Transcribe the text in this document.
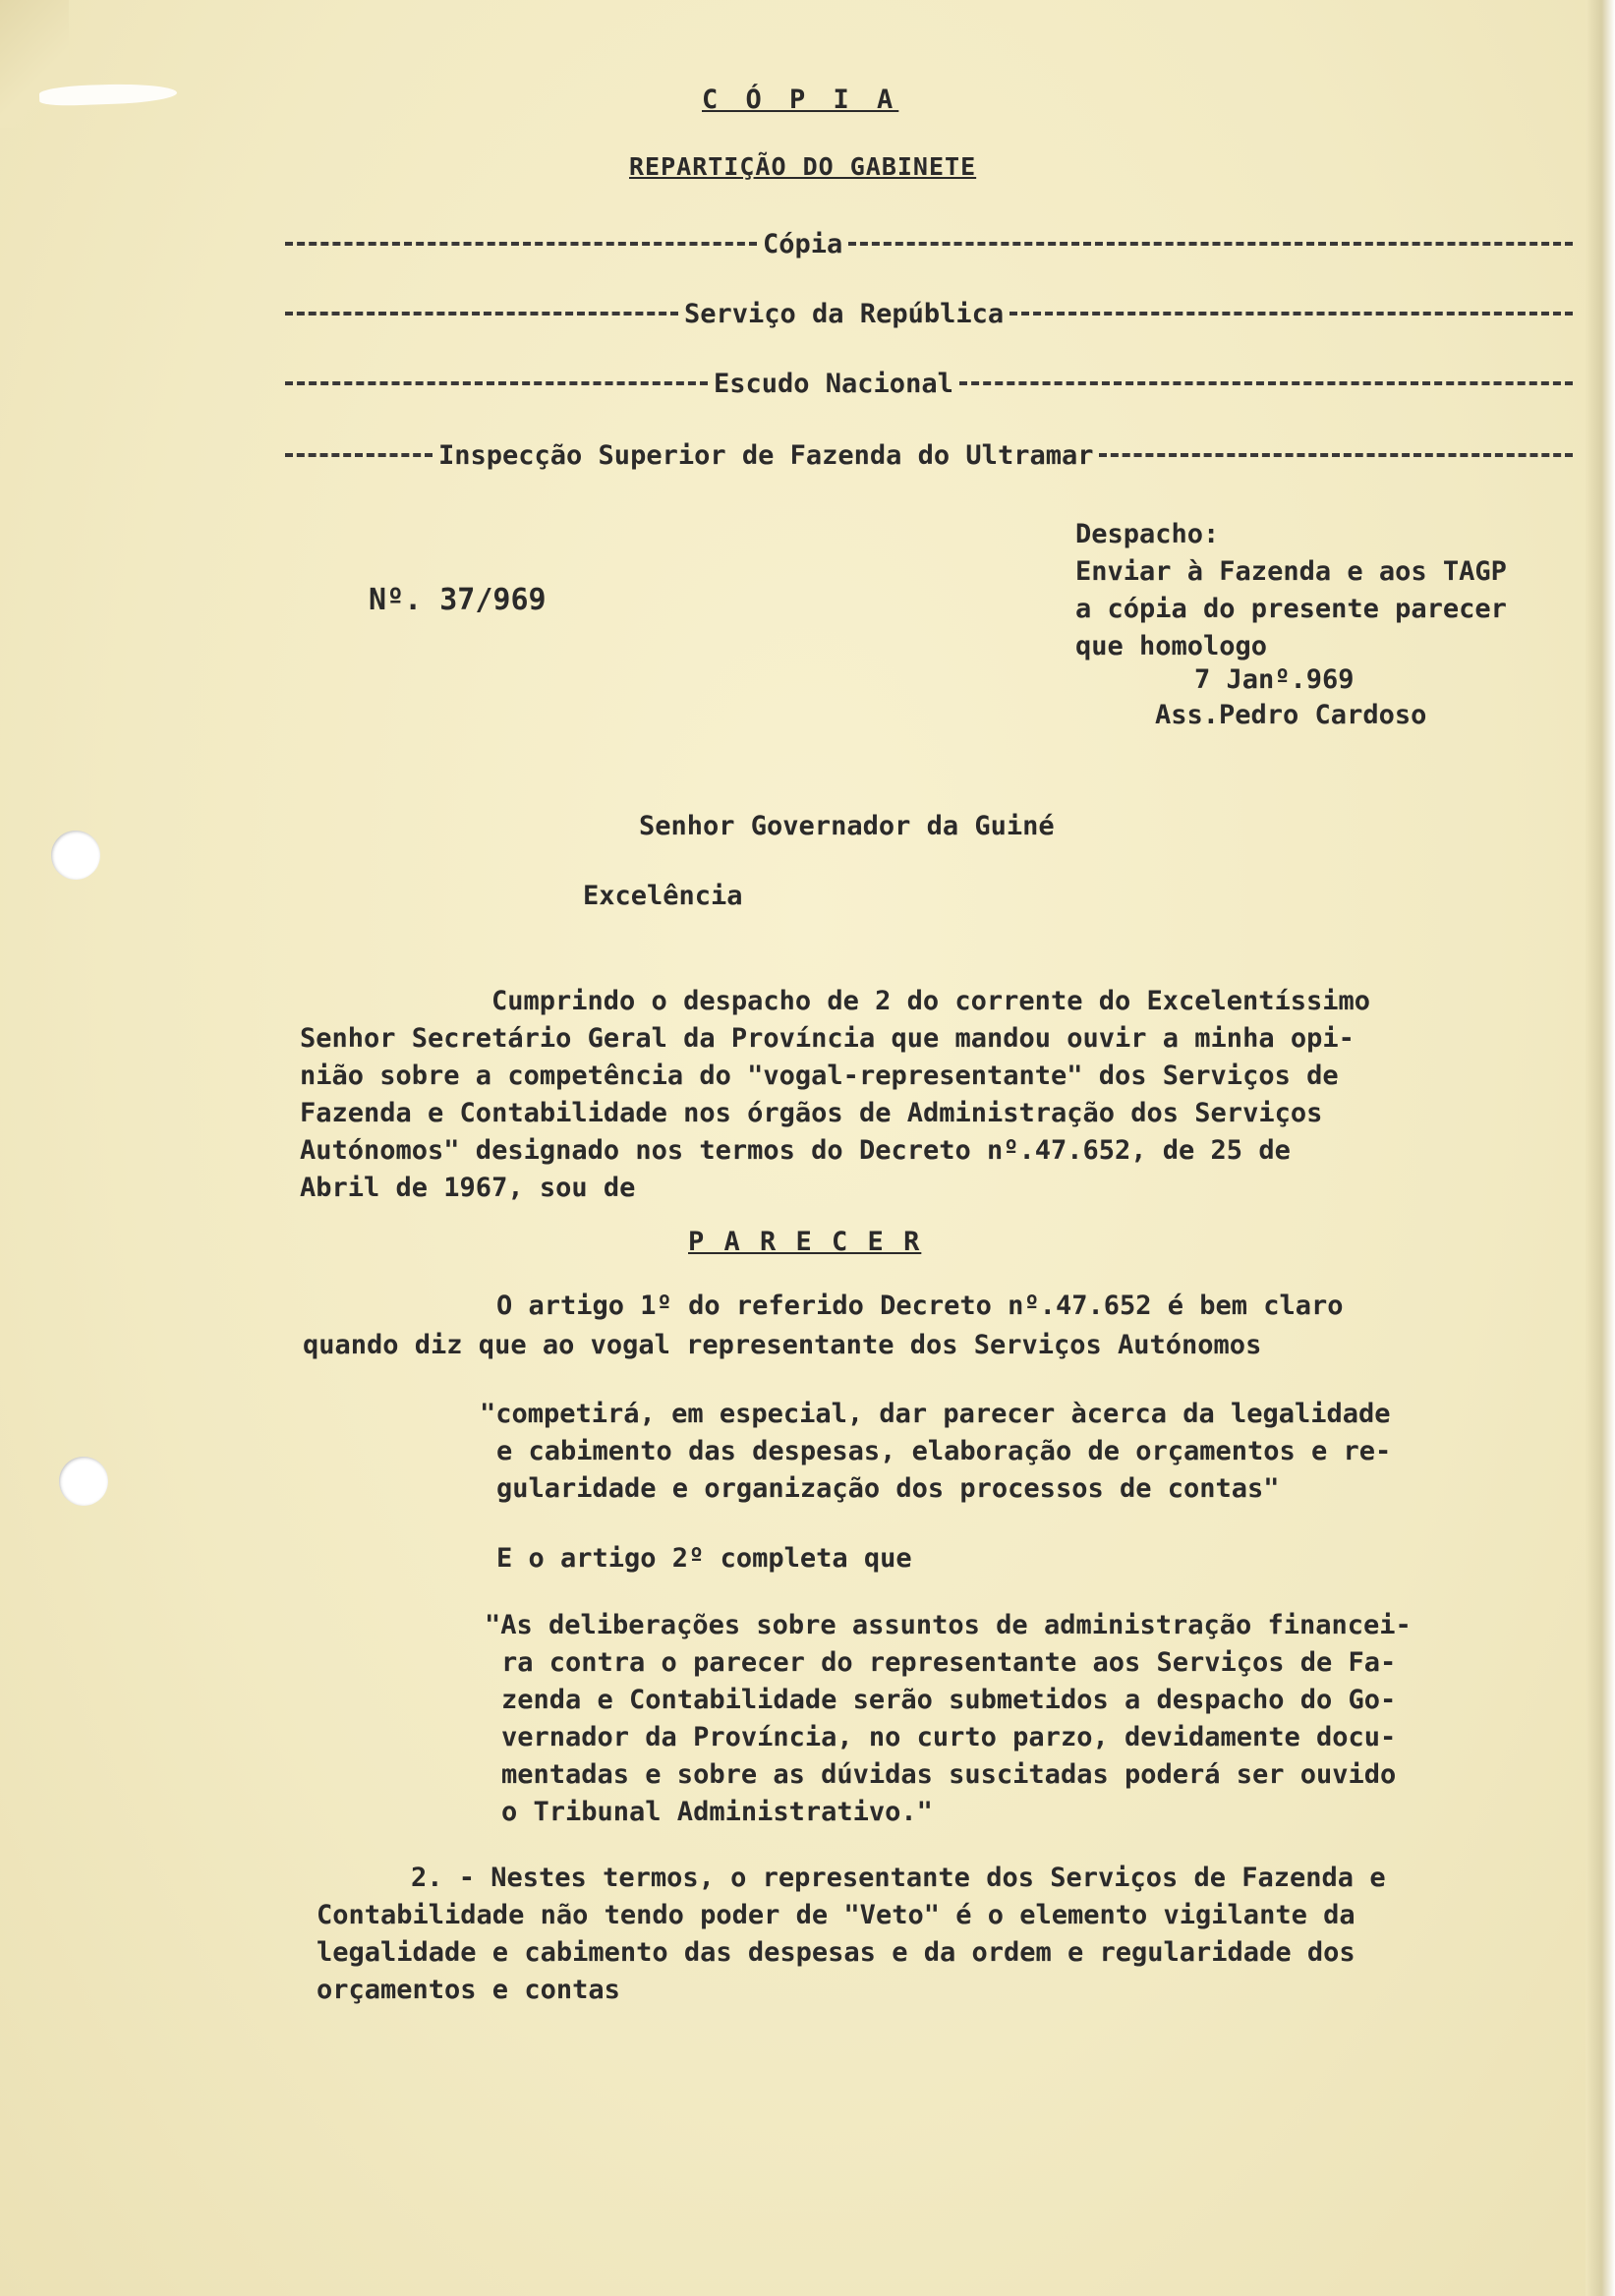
C Ó P I A
REPARTIÇÃO DO GABINETE
Cópia
Serviço da República
Escudo Nacional
Inspecção Superior de Fazenda do Ultramar
Nº. 37/969
Despacho:
Enviar à Fazenda e aos TAGP
a cópia do presente parecer
que homologo
7 Janº.969
Ass.Pedro Cardoso
Senhor Governador da Guiné
Excelência
Cumprindo o despacho de 2 do corrente do Excelentíssimo
Senhor Secretário Geral da Província que mandou ouvir a minha opi-
nião sobre a competência do "vogal-representante" dos Serviços de
Fazenda e Contabilidade nos órgãos de Administração dos Serviços
Autónomos" designado nos termos do Decreto nº.47.652, de 25 de
Abril de 1967, sou de
P A R E C E R
O artigo 1º do referido Decreto nº.47.652 é bem claro
quando diz que ao vogal representante dos Serviços Autónomos
"competirá, em especial, dar parecer àcerca da legalidade
e cabimento das despesas, elaboração de orçamentos e re-
gularidade e organização dos processos de contas"
E o artigo 2º completa que
"As deliberações sobre assuntos de administração financei-
ra contra o parecer do representante aos Serviços de Fa-
zenda e Contabilidade serão submetidos a despacho do Go-
vernador da Província, no curto parzo, devidamente docu-
mentadas e sobre as dúvidas suscitadas poderá ser ouvido
o Tribunal Administrativo."
2. - Nestes termos, o representante dos Serviços de Fazenda e
Contabilidade não tendo poder de "Veto" é o elemento vigilante da
legalidade e cabimento das despesas e da ordem e regularidade dos
orçamentos e contas
